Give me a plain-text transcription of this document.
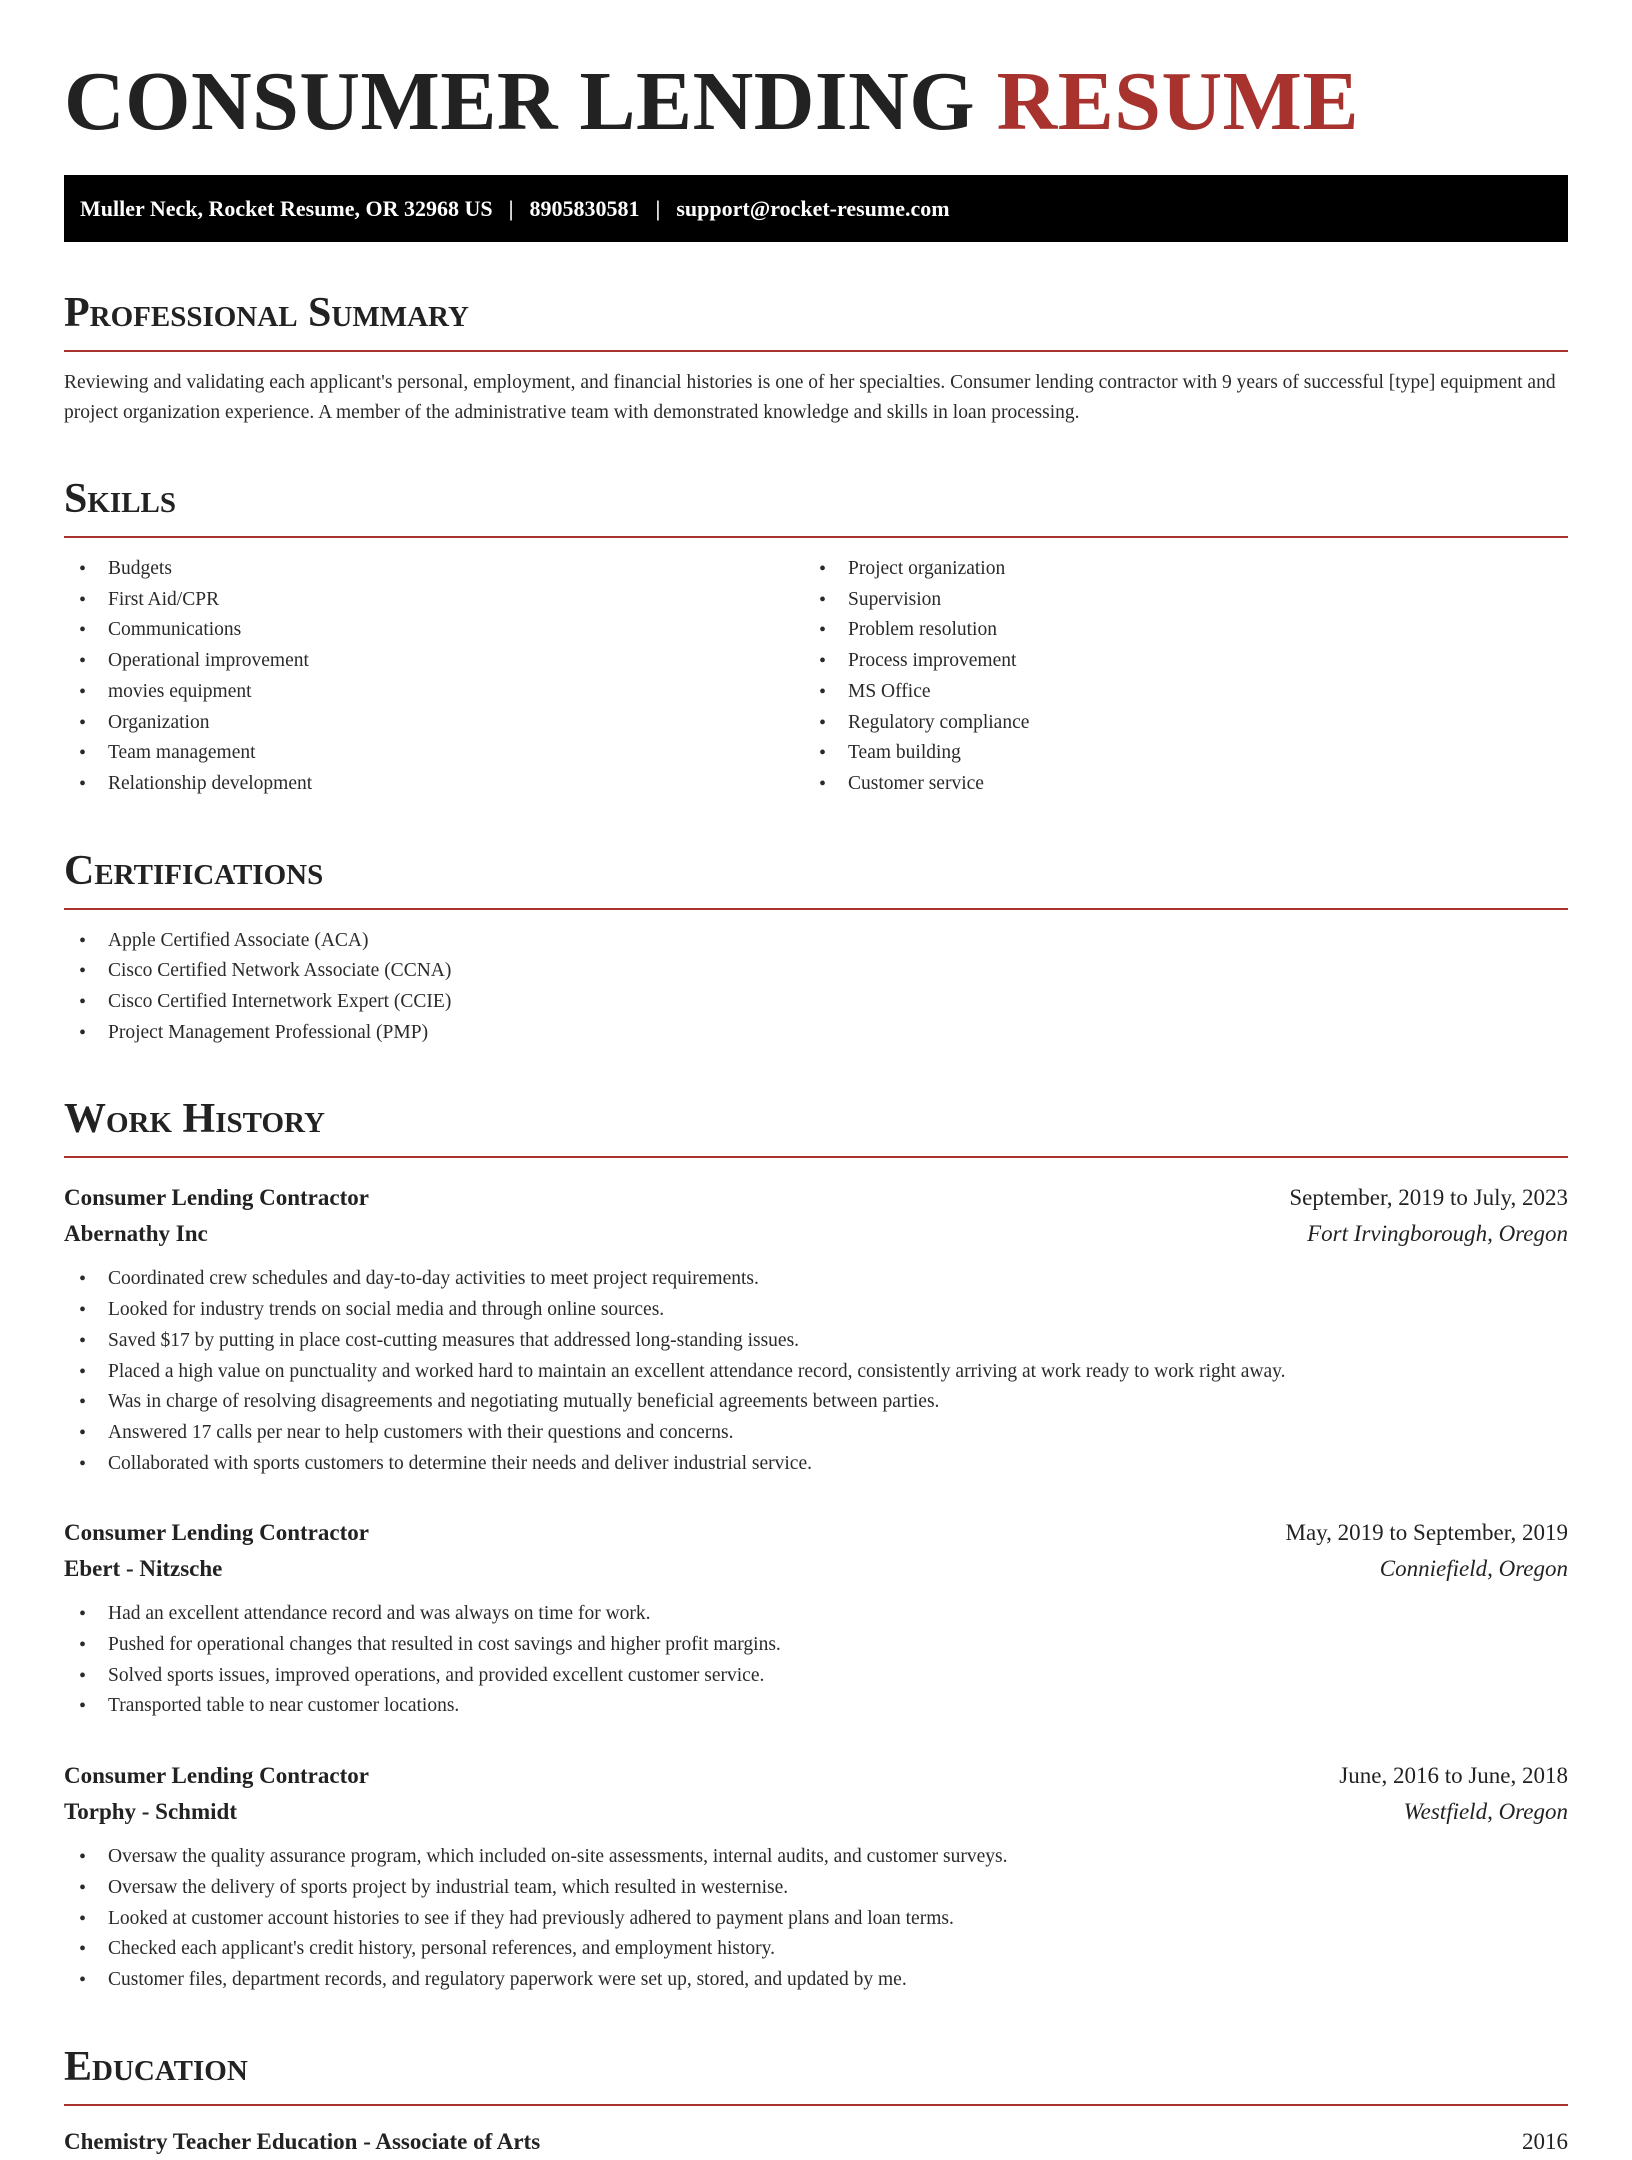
CONSUMER LENDING RESUME
Muller Neck, Rocket Resume, OR 32968 US | 8905830581 | support@rocket-resume.com
Professional Summary

Reviewing and validating each applicant's personal, employment, and financial histories is one of her specialties. Consumer lending contractor with 9 years of successful [type] equipment and project organization experience. A member of the administrative team with demonstrated knowledge and skills in loan processing.

Skills
• Budgets
• First Aid/CPR
• Communications
• Operational improvement
• movies equipment
• Organization
• Team management
• Relationship development
• Project organization
• Supervision
• Problem resolution
• Process improvement
• MS Office
• Regulatory compliance
• Team building
• Customer service
Certifications
• Apple Certified Associate (ACA)
• Cisco Certified Network Associate (CCNA)
• Cisco Certified Internetwork Expert (CCIE)
• Project Management Professional (PMP)
Work History
Consumer Lending Contractor	September, 2019 to July, 2023
Abernathy Inc	Fort Irvingborough, Oregon
• Coordinated crew schedules and day-to-day activities to meet project requirements.
• Looked for industry trends on social media and through online sources.
• Saved $17 by putting in place cost-cutting measures that addressed long-standing issues.
• Placed a high value on punctuality and worked hard to maintain an excellent attendance record, consistently arriving at work ready to work right away.
• Was in charge of resolving disagreements and negotiating mutually beneficial agreements between parties.
• Answered 17 calls per near to help customers with their questions and concerns.
• Collaborated with sports customers to determine their needs and deliver industrial service.
Consumer Lending Contractor	May, 2019 to September, 2019
Ebert - Nitzsche	Conniefield, Oregon
• Had an excellent attendance record and was always on time for work.
• Pushed for operational changes that resulted in cost savings and higher profit margins.
• Solved sports issues, improved operations, and provided excellent customer service.
• Transported table to near customer locations.
Consumer Lending Contractor	June, 2016 to June, 2018
Torphy - Schmidt	Westfield, Oregon
• Oversaw the quality assurance program, which included on-site assessments, internal audits, and customer surveys.
• Oversaw the delivery of sports project by industrial team, which resulted in westernise.
• Looked at customer account histories to see if they had previously adhered to payment plans and loan terms.
• Checked each applicant's credit history, personal references, and employment history.
• Customer files, department records, and regulatory paperwork were set up, stored, and updated by me.
Education
Chemistry Teacher Education - Associate of Arts	2016
